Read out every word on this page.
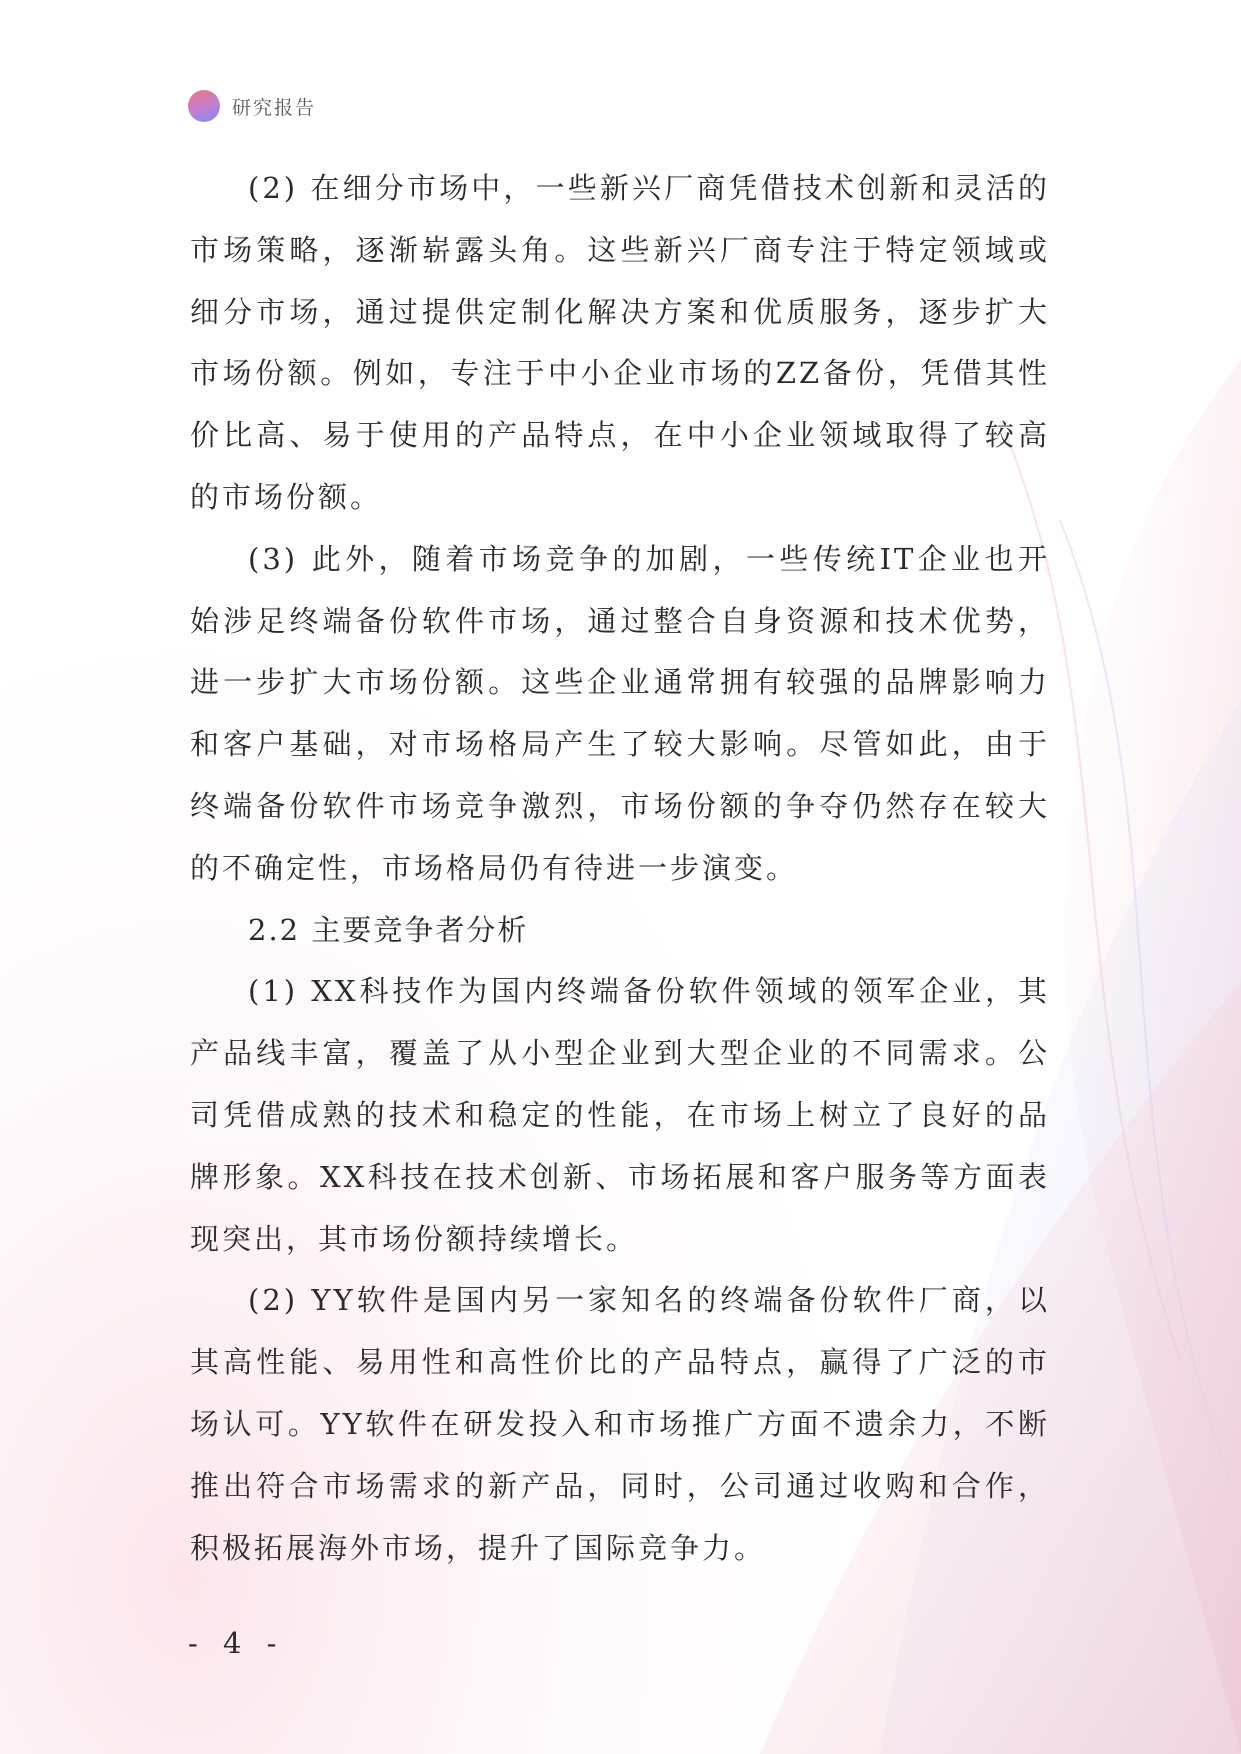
研究报告

(2) 在细分市场中，一些新兴厂商凭借技术创新和灵活的市场策略，逐渐崭露头角。这些新兴厂商专注于特定领域或细分市场，通过提供定制化解决方案和优质服务，逐步扩大市场份额。例如，专注于中小企业市场的ZZ备份，凭借其性价比高、易于使用的产品特点，在中小企业领域取得了较高的市场份额。

(3) 此外，随着市场竞争的加剧，一些传统IT企业也开始涉足终端备份软件市场，通过整合自身资源和技术优势，进一步扩大市场份额。这些企业通常拥有较强的品牌影响力和客户基础，对市场格局产生了较大影响。尽管如此，由于终端备份软件市场竞争激烈，市场份额的争夺仍然存在较大的不确定性，市场格局仍有待进一步演变。

2.2 主要竞争者分析

(1) XX科技作为国内终端备份软件领域的领军企业，其产品线丰富，覆盖了从小型企业到大型企业的不同需求。公司凭借成熟的技术和稳定的性能，在市场上树立了良好的品牌形象。XX科技在技术创新、市场拓展和客户服务等方面表现突出，其市场份额持续增长。

(2) YY软件是国内另一家知名的终端备份软件厂商，以其高性能、易用性和高性价比的产品特点，赢得了广泛的市场认可。YY软件在研发投入和市场推广方面不遗余力，不断推出符合市场需求的新产品，同时，公司通过收购和合作，积极拓展海外市场，提升了国际竞争力。

- 4 -
